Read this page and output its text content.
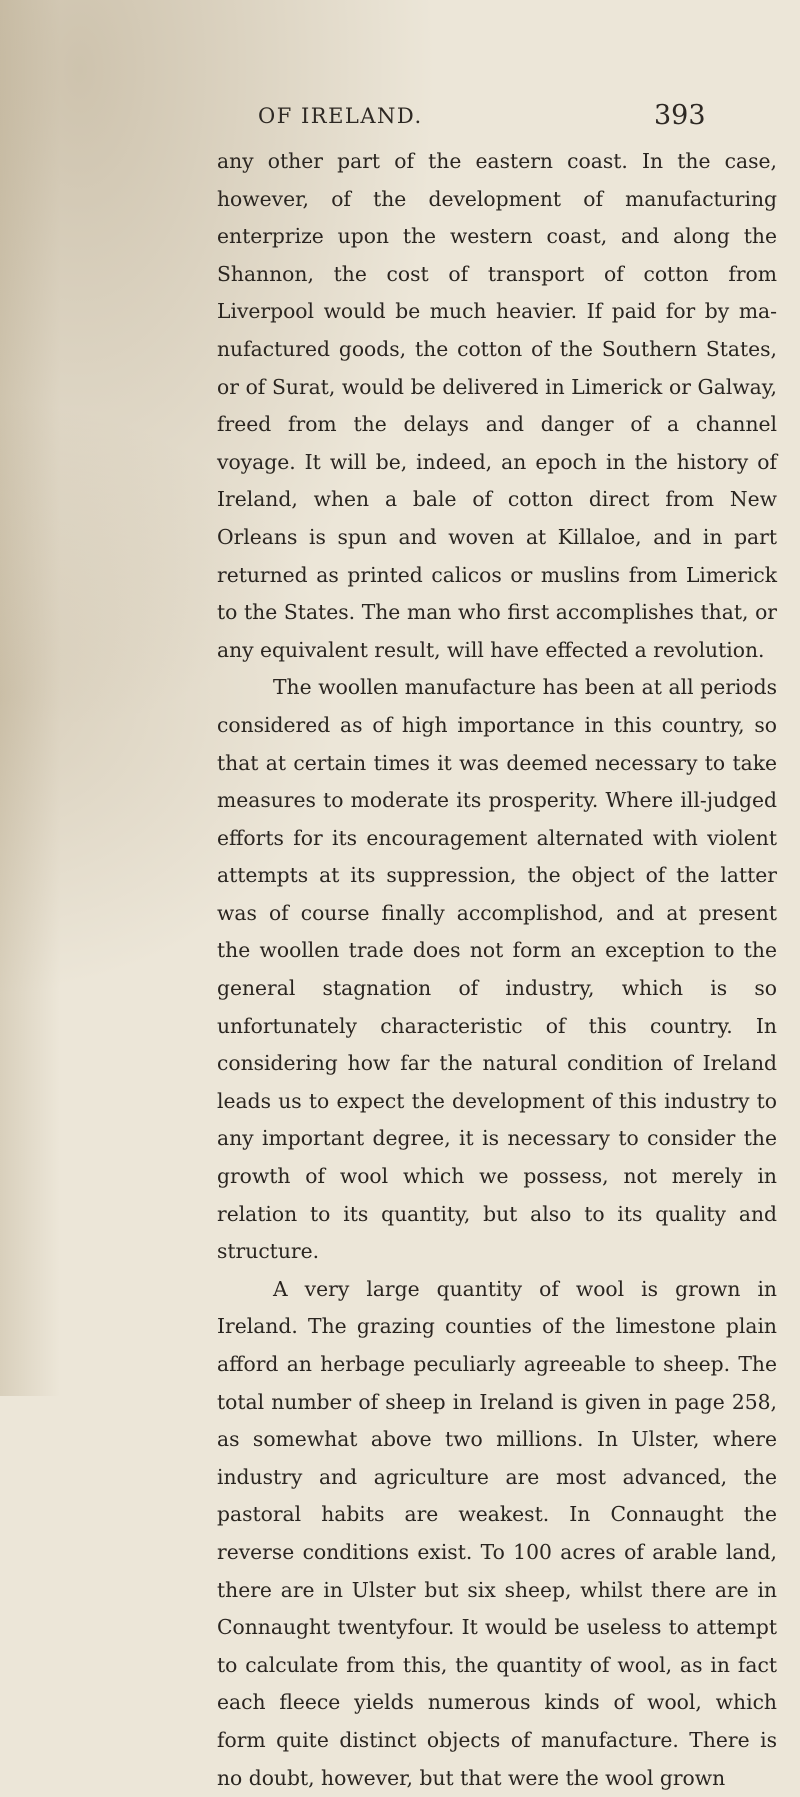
OF IRELAND.	393

any other part of the eastern coast. In the case, however, of the development of manufacturing enterprize upon the western coast, and along the Shannon, the cost of transport of cotton from Liverpool would be much heavier. If paid for by manufactured goods, the cotton of the Southern States, or of Surat, would be delivered in Limerick or Galway, freed from the delays and danger of a channel voyage. It will be, indeed, an epoch in the history of Ireland, when a bale of cotton direct from New Orleans is spun and woven at Killaloe, and in part returned as printed calicos or muslins from Limerick to the States. The man who first accomplishes that, or any equivalent result, will have effected a revolution.

The woollen manufacture has been at all periods considered as of high importance in this country, so that at certain times it was deemed necessary to take measures to moderate its prosperity. Where ill-judged efforts for its encouragement alternated with violent attempts at its suppression, the object of the latter was of course finally accomplishod, and at present the woollen trade does not form an exception to the general stagnation of industry, which is so unfortunately characteristic of this country. In considering how far the natural condition of Ireland leads us to expect the development of this industry to any important degree, it is necessary to consider the growth of wool which we possess, not merely in relation to its quantity, but also to its quality and structure.

A very large quantity of wool is grown in Ireland. The grazing counties of the limestone plain afford an herbage peculiarly agreeable to sheep. The total number of sheep in Ireland is given in page 258, as somewhat above two millions. In Ulster, where industry and agriculture are most advanced, the pastoral habits are weakest. In Connaught the reverse conditions exist. To 100 acres of arable land, there are in Ulster but six sheep, whilst there are in Connaught twentyfour. It would be useless to attempt to calculate from this, the quantity of wool, as in fact each fleece yields numerous kinds of wool, which form quite distinct objects of manufacture. There is no doubt, however, but that were the wool grown
